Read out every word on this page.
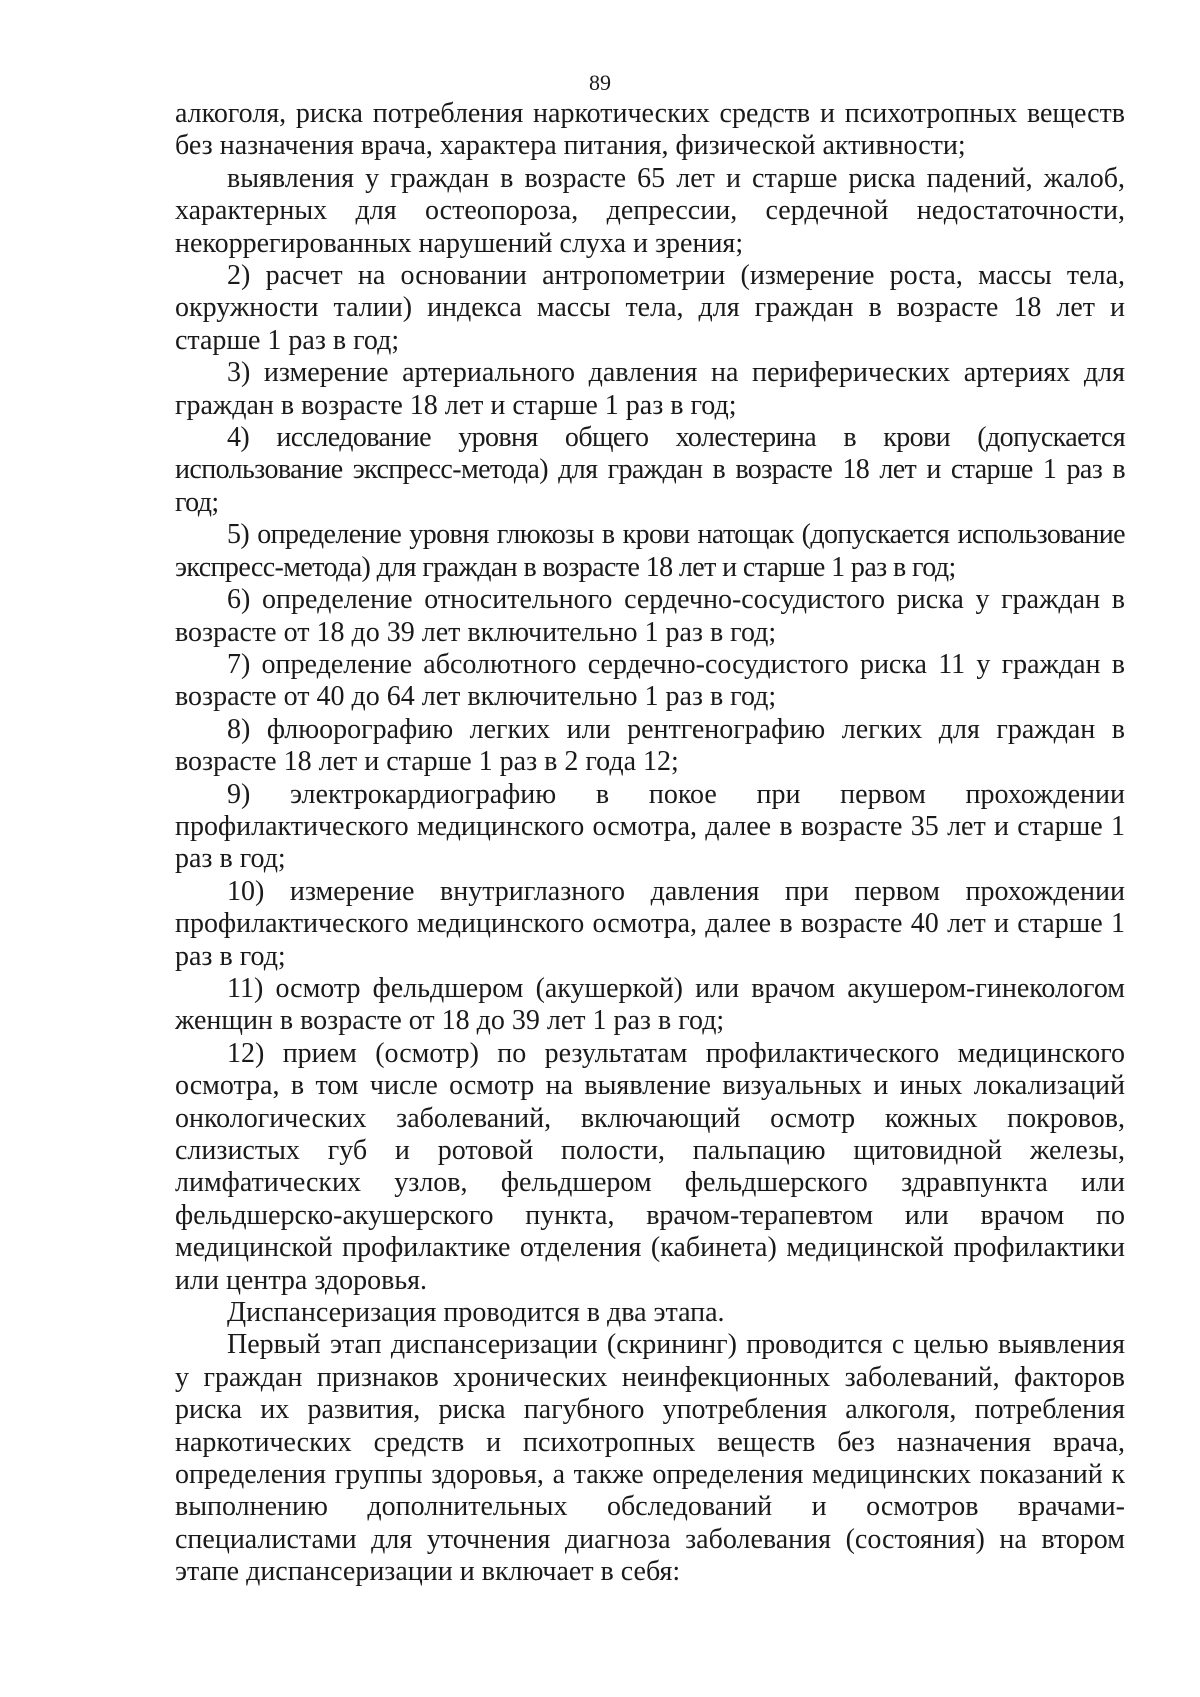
89

алкоголя, риска потребления наркотических средств и психотропных веществ без назначения врача, характера питания, физической активности;

выявления у граждан в возрасте 65 лет и старше риска падений, жалоб, характерных для остеопороза, депрессии, сердечной недостаточности, некоррегированных нарушений слуха и зрения;

2) расчет на основании антропометрии (измерение роста, массы тела, окружности талии) индекса массы тела, для граждан в возрасте 18 лет и старше 1 раз в год;

3) измерение артериального давления на периферических артериях для граждан в возрасте 18 лет и старше 1 раз в год;

4) исследование уровня общего холестерина в крови (допускается использование экспресс-метода) для граждан в возрасте 18 лет и старше 1 раз в год;

5) определение уровня глюкозы в крови натощак (допускается использование экспресс-метода) для граждан в возрасте 18 лет и старше 1 раз в год;

6) определение относительного сердечно-сосудистого риска у граждан в возрасте от 18 до 39 лет включительно 1 раз в год;

7) определение абсолютного сердечно-сосудистого риска 11 у граждан в возрасте от 40 до 64 лет включительно 1 раз в год;

8) флюорографию легких или рентгенографию легких для граждан в возрасте 18 лет и старше 1 раз в 2 года 12;

9) электрокардиографию в покое при первом прохождении профилактического медицинского осмотра, далее в возрасте 35 лет и старше 1 раз в год;

10) измерение внутриглазного давления при первом прохождении профилактического медицинского осмотра, далее в возрасте 40 лет и старше 1 раз в год;

11) осмотр фельдшером (акушеркой) или врачом акушером-гинекологом женщин в возрасте от 18 до 39 лет 1 раз в год;

12) прием (осмотр) по результатам профилактического медицинского осмотра, в том числе осмотр на выявление визуальных и иных локализаций онкологических заболеваний, включающий осмотр кожных покровов, слизистых губ и ротовой полости, пальпацию щитовидной железы, лимфатических узлов, фельдшером фельдшерского здравпункта или фельдшерско-акушерского пункта, врачом-терапевтом или врачом по медицинской профилактике отделения (кабинета) медицинской профилактики или центра здоровья.

Диспансеризация проводится в два этапа.

Первый этап диспансеризации (скрининг) проводится с целью выявления у граждан признаков хронических неинфекционных заболеваний, факторов риска их развития, риска пагубного употребления алкоголя, потребления наркотических средств и психотропных веществ без назначения врача, определения группы здоровья, а также определения медицинских показаний к выполнению дополнительных обследований и осмотров врачами-специалистами для уточнения диагноза заболевания (состояния) на втором этапе диспансеризации и включает в себя:
